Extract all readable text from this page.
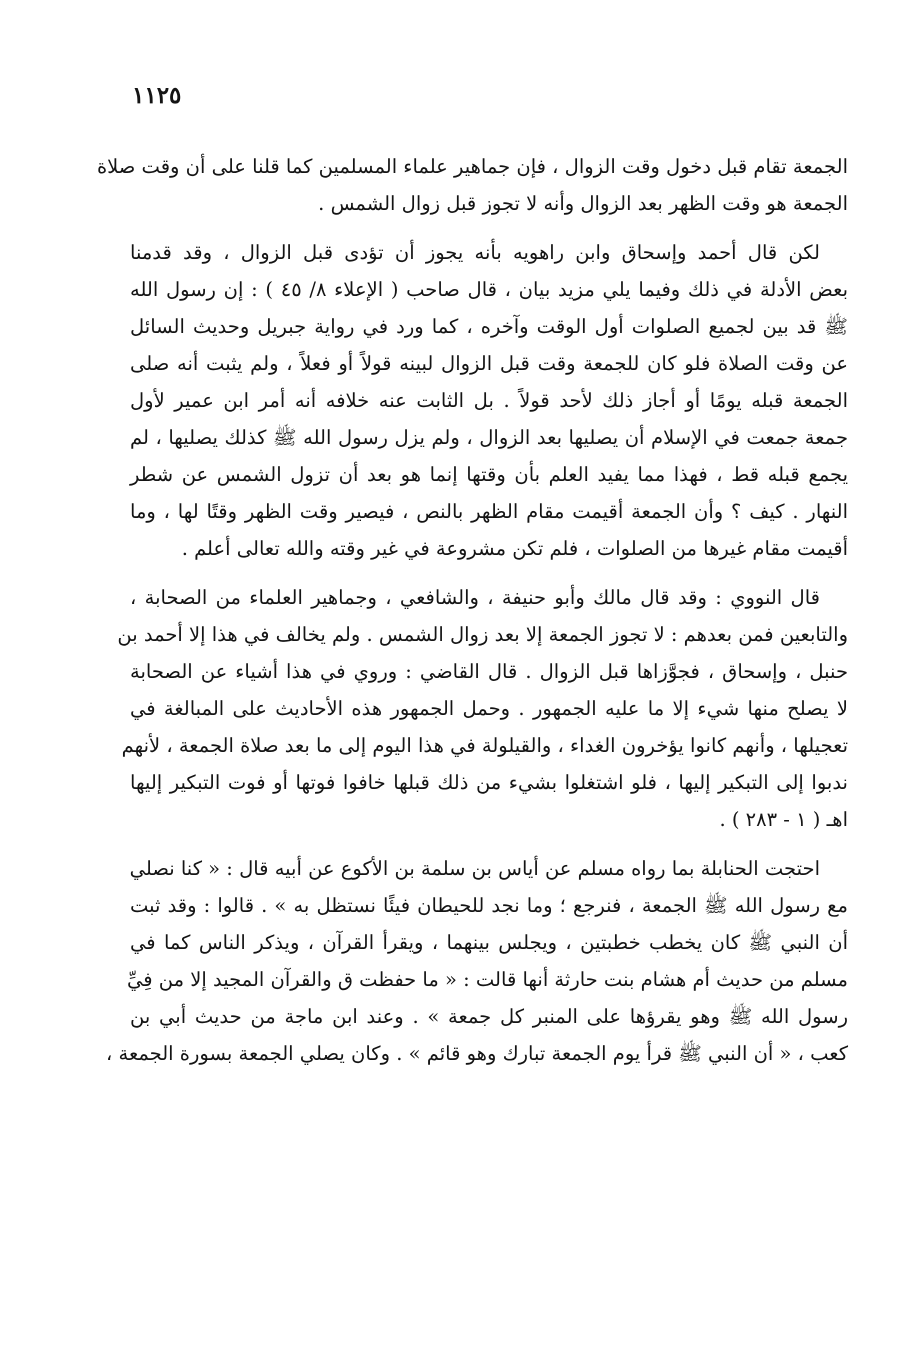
١١٢٥
الجمعة تقام قبل دخول وقت الزوال ، فإن جماهير علماء المسلمين كما قلنا على أن وقت صلاة
الجمعة هو وقت الظهر بعد الزوال وأنه لا تجوز قبل زوال الشمس .
لكن قال أحمد وإسحاق وابن راهويه بأنه يجوز أن تؤدى قبل الزوال ، وقد قدمنا
بعض الأدلة في ذلك وفيما يلي مزيد بيان ، قال صاحب ( الإعلاء ٨/ ٤٥ ) : إن رسول الله
ﷺ قد بين لجميع الصلوات أول الوقت وآخره ، كما ورد في رواية جبريل وحديث السائل
عن وقت الصلاة فلو كان للجمعة وقت قبل الزوال لبينه قولاً أو فعلاً ، ولم يثبت أنه صلى
الجمعة قبله يومًا أو أجاز ذلك لأحد قولاً . بل الثابت عنه خلافه أنه أمر ابن عمير لأول
جمعة جمعت في الإسلام أن يصليها بعد الزوال ، ولم يزل رسول الله ﷺ كذلك يصليها ، لم
يجمع قبله قط ، فهذا مما يفيد العلم بأن وقتها إنما هو بعد أن تزول الشمس عن شطر
النهار . كيف ؟ وأن الجمعة أقيمت مقام الظهر بالنص ، فيصير وقت الظهر وقتًا لها ، وما
أقيمت مقام غيرها من الصلوات ، فلم تكن مشروعة في غير وقته والله تعالى أعلم .
قال النووي : وقد قال مالك وأبو حنيفة ، والشافعي ، وجماهير العلماء من الصحابة ،
والتابعين فمن بعدهم : لا تجوز الجمعة إلا بعد زوال الشمس . ولم يخالف في هذا إلا أحمد بن
حنبل ، وإسحاق ، فجوَّزاها قبل الزوال . قال القاضي : وروي في هذا أشياء عن الصحابة
لا يصلح منها شيء إلا ما عليه الجمهور . وحمل الجمهور هذه الأحاديث على المبالغة في
تعجيلها ، وأنهم كانوا يؤخرون الغداء ، والقيلولة في هذا اليوم إلى ما بعد صلاة الجمعة ، لأنهم
ندبوا إلى التبكير إليها ، فلو اشتغلوا بشيء من ذلك قبلها خافوا فوتها أو فوت التبكير إليها
اهـ ( ١ - ٢٨٣ ) .
احتجت الحنابلة بما رواه مسلم عن أياس بن سلمة بن الأكوع عن أبيه قال : « كنا نصلي
مع رسول الله ﷺ الجمعة ، فنرجع ؛ وما نجد للحيطان فيئًا نستظل به » . قالوا : وقد ثبت
أن النبي ﷺ كان يخطب خطبتين ، ويجلس بينهما ، ويقرأ القرآن ، ويذكر الناس كما في
مسلم من حديث أم هشام بنت حارثة أنها قالت : « ما حفظت ق والقرآن المجيد إلا من فِيِّ
رسول الله ﷺ وهو يقرؤها على المنبر كل جمعة » . وعند ابن ماجة من حديث أبي بن
كعب ، « أن النبي ﷺ قرأ يوم الجمعة تبارك وهو قائم » . وكان يصلي الجمعة بسورة الجمعة ،
